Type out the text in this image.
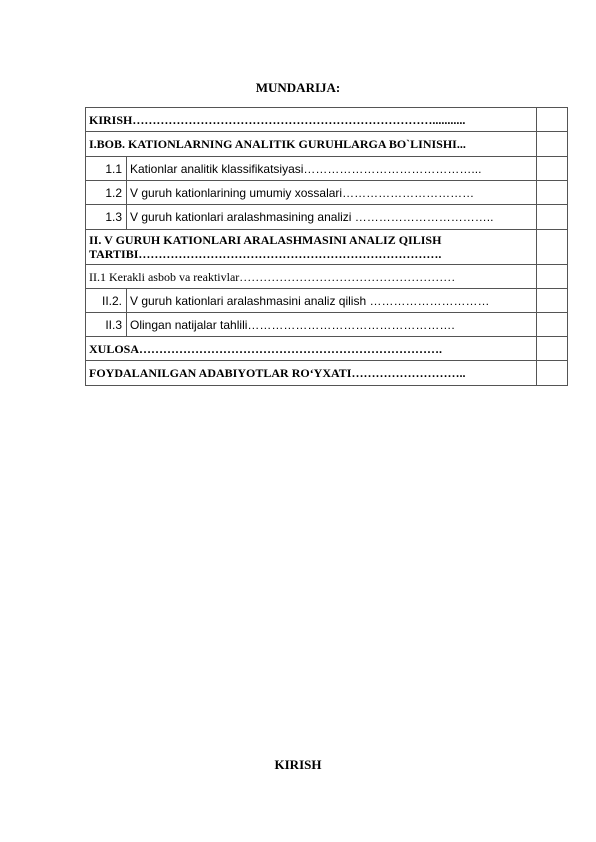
MUNDARIJA:
KIRISH…………………………………………………………………...........		
I.BOB. KATIONLARNING ANALITIK GURUHLARGA BO`LINISHI...		
1.1	Kationlar analitik klassifikatsiyasi……………………………………...	
1.2	V guruh kationlarining umumiy xossalari……………………………	
1.3	V guruh kationlari aralashmasining analizi ……………………………..	
II. V GURUH KATIONLARI ARALASHMASINI ANALIZ QILISH TARTIBI………………………………………………………………….		
II.1 Kerakli asbob va reaktivlar………………………………………………		
II.2.	V guruh kationlari aralashmasini analiz qilish …………………………	
II.3	Olingan natijalar tahlili…………………………………………….	
XULOSA………………………………………………………………….		
FOYDALANILGAN ADABIYOTLAR RO‘YXATI………………………..		
KIRISH
